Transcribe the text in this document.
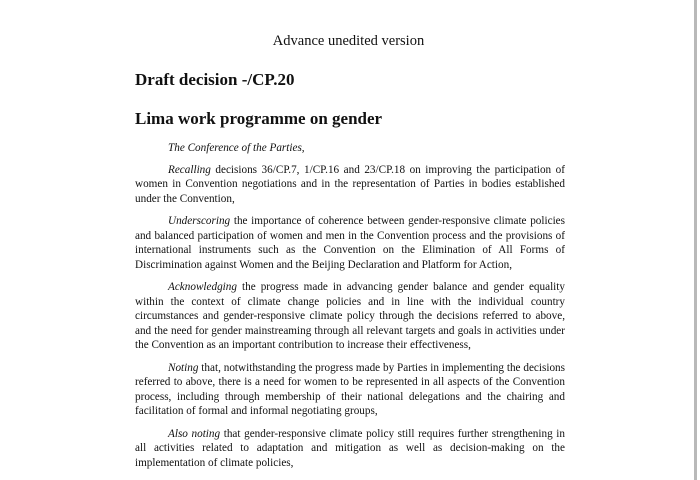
Advance unedited version
Draft decision -/CP.20
Lima work programme on gender

The Conference of the Parties,

Recalling decisions 36/CP.7, 1/CP.16 and 23/CP.18 on improving the participation of women in Convention negotiations and in the representation of Parties in bodies established under the Convention,

Underscoring the importance of coherence between gender-responsive climate policies and balanced participation of women and men in the Convention process and the provisions of international instruments such as the Convention on the Elimination of All Forms of Discrimination against Women and the Beijing Declaration and Platform for Action,

Acknowledging the progress made in advancing gender balance and gender equality within the context of climate change policies and in line with the individual country circumstances and gender-responsive climate policy through the decisions referred to above, and the need for gender mainstreaming through all relevant targets and goals in activities under the Convention as an important contribution to increase their effectiveness,

Noting that, notwithstanding the progress made by Parties in implementing the decisions referred to above, there is a need for women to be represented in all aspects of the Convention process, including through membership of their national delegations and the chairing and facilitation of formal and informal negotiating groups,

Also noting that gender-responsive climate policy still requires further strengthening in all activities related to adaptation and mitigation as well as decision-making on the implementation of climate policies,
